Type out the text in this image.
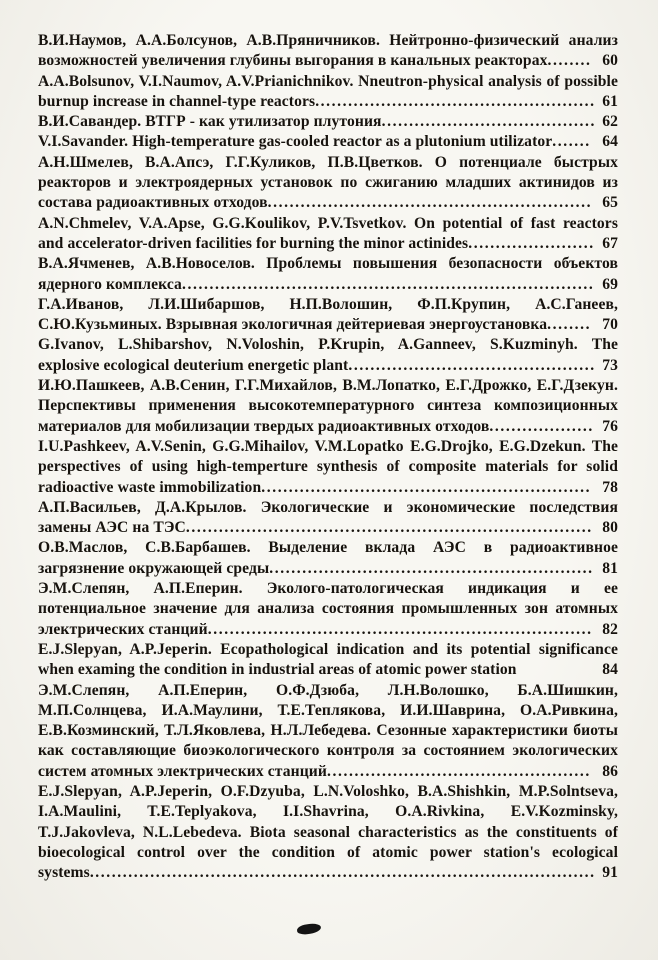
В.И.Наумов, А.А.Болсунов, А.В.Пряничников. Нейтронно-физический анализ возможностей увеличения глубины выгорания в канальных реакторах........ 60
A.A.Bolsunov, V.I.Naumov, A.V.Prianichnikov. Nneutron-physical analysis of possible burnup increase in channel-type reactors................................................... 61
В.И.Савандер. ВТГР - как утилизатор плутония....................................... 62
V.I.Savander. High-temperature gas-cooled reactor as a plutonium utilizator....... 64
А.Н.Шмелев, В.А.Апсэ, Г.Г.Куликов, П.В.Цветков. О потенциале быстрых реакторов и электроядерных установок по сжиганию младших актинидов из состава радиоактивных отходов........................................................... 65
A.N.Chmelev, V.A.Apse, G.G.Koulikov, P.V.Tsvetkov. On potential of fast reactors and accelerator-driven facilities for burning the minor actinides....................... 67
В.А.Ячменев, А.В.Новоселов. Проблемы повышения безопасности объектов ядерного комплекса........................................................................... 69
Г.А.Иванов, Л.И.Шибаршов, Н.П.Волошин, Ф.П.Крупин, А.С.Ганеев, С.Ю.Кузьминых. Взрывная экологичная дейтериевая энергоустановка........ 70
G.Ivanov, L.Shibarshov, N.Voloshin, P.Krupin, A.Ganneev, S.Kuzminyh. The explosive ecological deuterium energetic plant............................................. 73
И.Ю.Пашкеев, А.В.Сенин, Г.Г.Михайлов, В.М.Лопатко, Е.Г.Дрожко, Е.Г.Дзекун. Перспективы применения высокотемпературного синтеза композиционных материалов для мобилизации твердых радиоактивных отходов................... 76
I.U.Pashkeev, A.V.Senin, G.G.Mihailov, V.M.Lopatko E.G.Drojko, E.G.Dzekun. The perspectives of using high-temperture synthesis of composite materials for solid radioactive waste immobilization............................................................ 78
А.П.Васильев, Д.А.Крылов. Экологические и экономические последствия замены АЭС на ТЭС.......................................................................... 80
О.В.Маслов, С.В.Барбашев. Выделение вклада АЭС в радиоактивное загрязнение окружающей среды........................................................... 81
Э.М.Слепян, А.П.Еперин. Эколого-патологическая индикация и ее потенциальное значение для анализа состояния промышленных зон атомных электрических станций...................................................................... 82
E.J.Slepyan, A.P.Jeperin. Ecopathological indication and its potential significance when examing the condition in industrial areas of atomic power station	84
Э.М.Слепян, А.П.Еперин, О.Ф.Дзюба, Л.Н.Волошко, Б.А.Шишкин, М.П.Солнцева, И.А.Маулини, Т.Е.Теплякова, И.И.Шаврина, О.А.Ривкина, Е.В.Козминский, Т.Л.Яковлева, Н.Л.Лебедева. Сезонные характеристики биоты как составляющие биоэкологического контроля за состоянием экологических систем атомных электрических станций................................................ 86
E.J.Slepyan, A.P.Jeperin, O.F.Dzyuba, L.N.Voloshko, B.A.Shishkin, M.P.Solntseva, I.A.Maulini, T.E.Teplyakova, I.I.Shavrina, O.A.Rivkina, E.V.Kozminsky, T.J.Jakovleva, N.L.Lebedeva. Biota seasonal characteristics as the constituents of bioecological control over the condition of atomic power station's ecological systems............................................................................................ 91
